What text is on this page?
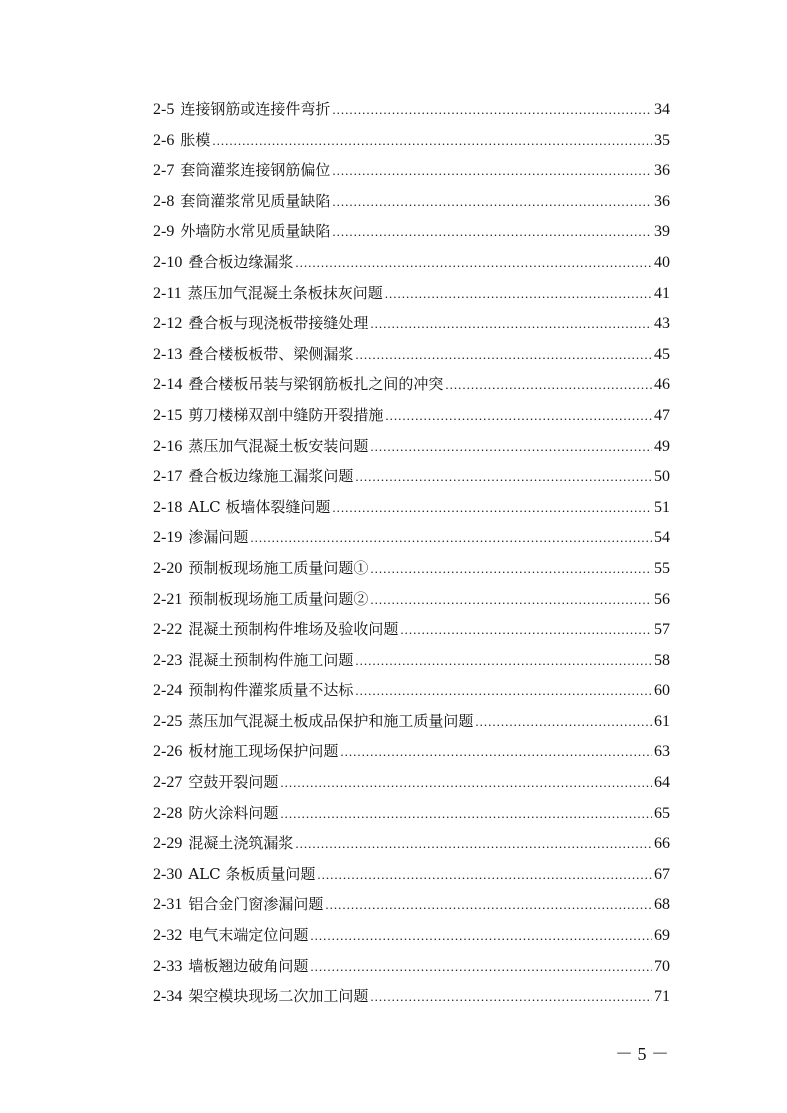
2-5 连接钢筋或连接件弯折 .....	34
2-6 胀模 .....	35
2-7 套筒灌浆连接钢筋偏位 .....	36
2-8 套筒灌浆常见质量缺陷 .....	36
2-9 外墙防水常见质量缺陷 .....	39
2-10 叠合板边缘漏浆 .....	40
2-11 蒸压加气混凝土条板抹灰问题 .....	41
2-12 叠合板与现浇板带接缝处理 .....	43
2-13 叠合楼板板带、梁侧漏浆 .....	45
2-14 叠合楼板吊装与梁钢筋板扎之间的冲突 .....	46
2-15 剪刀楼梯双剖中缝防开裂措施 .....	47
2-16 蒸压加气混凝土板安装问题 .....	49
2-17 叠合板边缘施工漏浆问题 .....	50
2-18 ALC 板墙体裂缝问题 .....	51
2-19 渗漏问题 .....	54
2-20 预制板现场施工质量问题① .....	55
2-21 预制板现场施工质量问题② .....	56
2-22 混凝土预制构件堆场及验收问题 .....	57
2-23 混凝土预制构件施工问题 .....	58
2-24 预制构件灌浆质量不达标 .....	60
2-25 蒸压加气混凝土板成品保护和施工质量问题 .....	61
2-26 板材施工现场保护问题 .....	63
2-27 空鼓开裂问题 .....	64
2-28 防火涂料问题 .....	65
2-29 混凝土浇筑漏浆 .....	66
2-30 ALC 条板质量问题 .....	67
2-31 铝合金门窗渗漏问题 .....	68
2-32 电气末端定位问题 .....	69
2-33 墙板翘边破角问题 .....	70
2-34 架空模块现场二次加工问题 .....	71
－ 5 －
